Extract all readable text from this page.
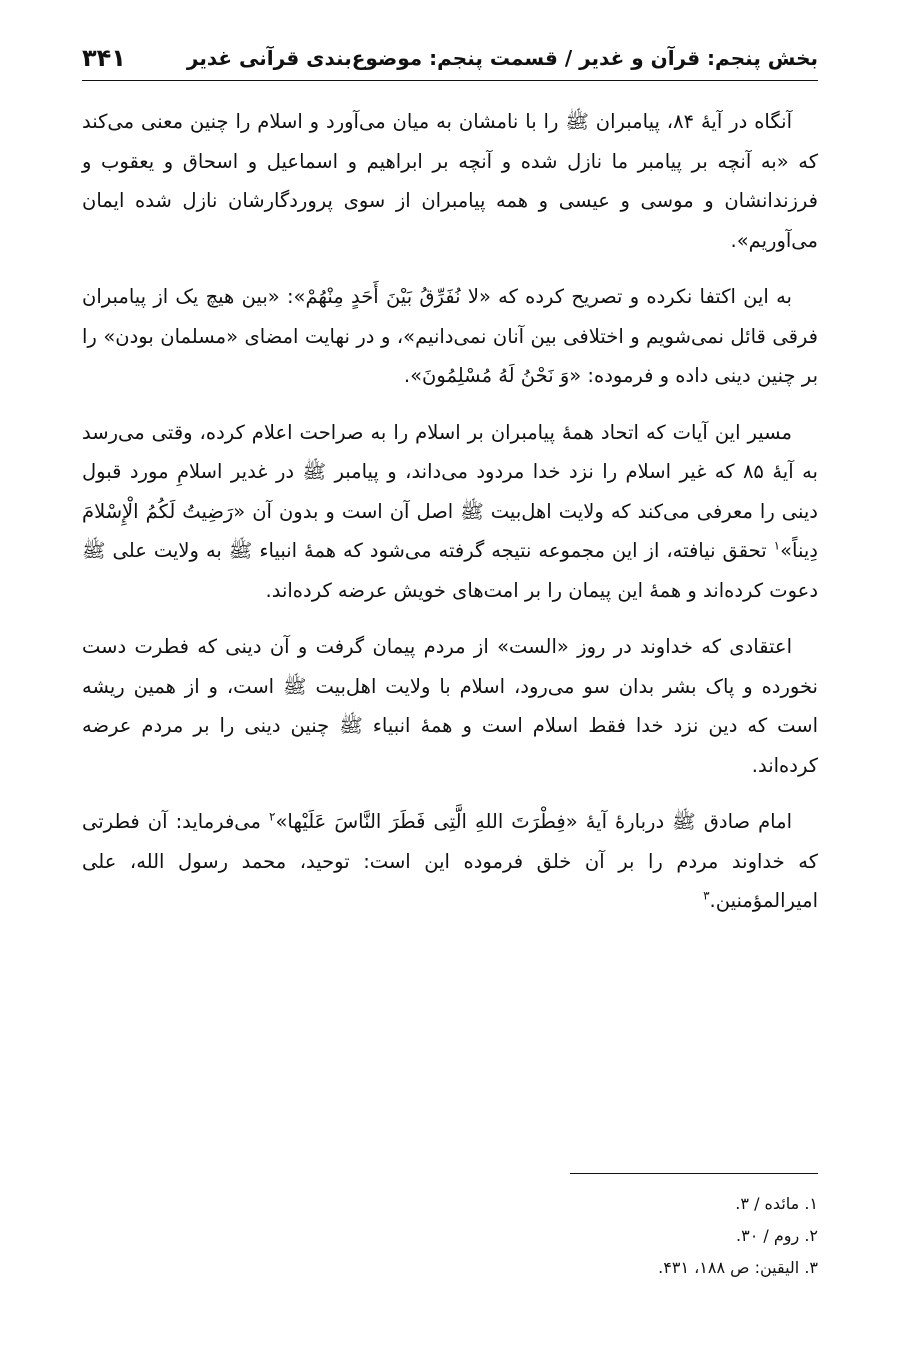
بخش پنجم: قرآن و غدیر / قسمت پنجم: موضوع‌بندی قرآنی غدیر
۳۴۱

آنگاه در آیهٔ ۸۴، پیامبران ﷺ را با نامشان به میان می‌آورد و اسلام را چنین معنی می‌کند که «به آنچه بر پیامبر ما نازل شده و آنچه بر ابراهیم و اسماعیل و اسحاق و یعقوب و فرزندانشان و موسی و عیسی و همه پیامبران از سوی پروردگارشان نازل شده ایمان می‌آوریم».

به این اکتفا نکرده و تصریح کرده که «لا نُفَرِّقُ بَیْنَ أَحَدٍ مِنْهُمْ»: «بین هیچ یک از پیامبران فرقی قائل نمی‌شویم و اختلافی بین آنان نمی‌دانیم»، و در نهایت امضای «مسلمان بودن» را بر چنین دینی داده و فرموده: «وَ نَحْنُ لَهُ مُسْلِمُونَ».

مسیر این آیات که اتحاد همهٔ پیامبران بر اسلام را به صراحت اعلام کرده، وقتی می‌رسد به آیهٔ ۸۵ که غیر اسلام را نزد خدا مردود می‌داند، و پیامبر ﷺ در غدیر اسلامِ مورد قبول دینی را معرفی می‌کند که ولایت اهل‌بیت ﷺ اصل آن است و بدون آن «رَضِیتُ لَکُمُ الْإِسْلامَ دِیناً»$^۱$ تحقق نیافته، از این مجموعه نتیجه گرفته می‌شود که همهٔ انبیاء ﷺ به ولایت علی ﷺ دعوت کرده‌اند و همهٔ این پیمان را بر امت‌های خویش عرضه کرده‌اند.

اعتقادی که خداوند در روز «الست» از مردم پیمان گرفت و آن دینی که فطرت دست نخورده و پاک بشر بدان سو می‌رود، اسلام با ولایت اهل‌بیت ﷺ است، و از همین ریشه است که دین نزد خدا فقط اسلام است و همهٔ انبیاء ﷺ چنین دینی را بر مردم عرضه کرده‌اند.

امام صادق ﷺ دربارهٔ آیهٔ «فِطْرَتَ اللهِ الَّتِی فَطَرَ النَّاسَ عَلَیْها»$^۲$ می‌فرماید: آن فطرتی که خداوند مردم را بر آن خلق فرموده این است: توحید، محمد رسول الله، علی امیرالمؤمنین.$^۳$

۱. مائده / ۳.

۲. روم / ۳۰.

۳. الیقین: ص ۱۸۸، ۴۳۱.
